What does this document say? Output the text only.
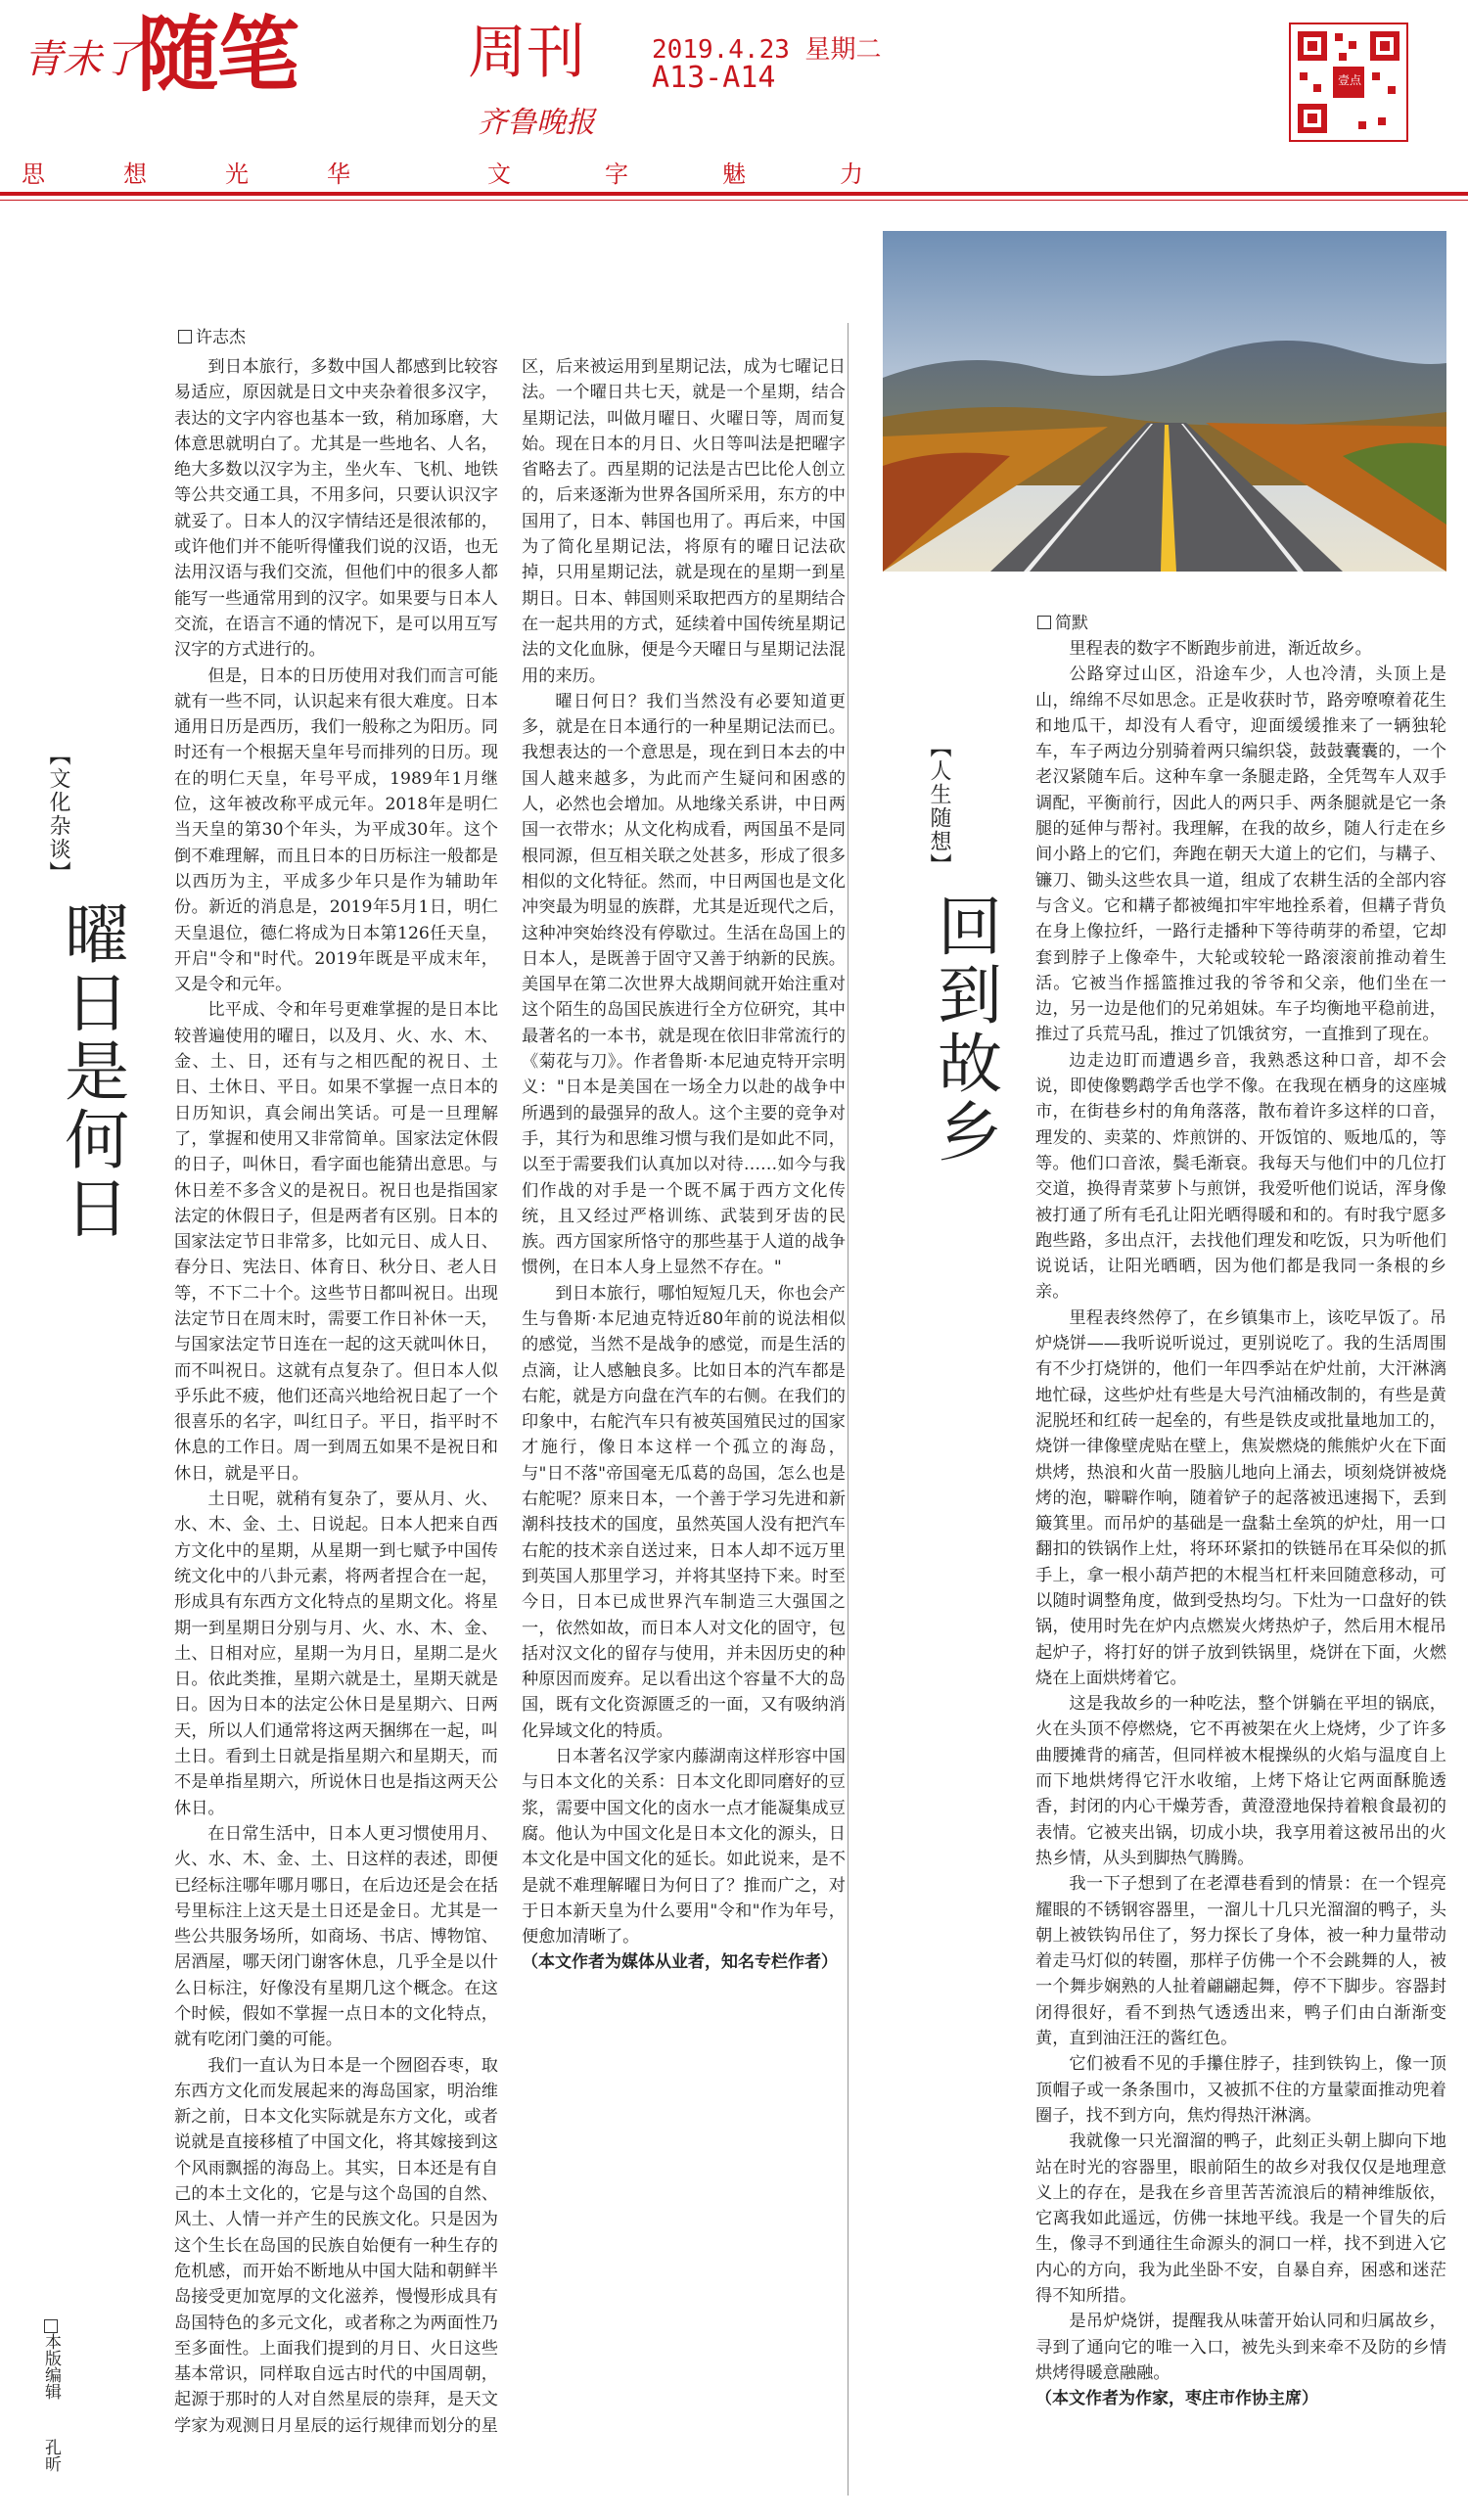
青未了
随笔	周刊
齐鲁晚报
2019.4.23 星期二
A13-A14	壹点
思	想	光	华	文	字	魅	力
【文化杂谈】
曜日是何日
许志杰

到日本旅行，多数中国人都感到比较容易适应，原因就是日文中夹杂着很多汉字，表达的文字内容也基本一致，稍加琢磨，大体意思就明白了。尤其是一些地名、人名，绝大多数以汉字为主，坐火车、飞机、地铁等公共交通工具，不用多问，只要认识汉字就妥了。日本人的汉字情结还是很浓郁的，或许他们并不能听得懂我们说的汉语，也无法用汉语与我们交流，但他们中的很多人都能写一些通常用到的汉字。如果要与日本人交流，在语言不通的情况下，是可以用互写汉字的方式进行的。

但是，日本的日历使用对我们而言可能就有一些不同，认识起来有很大难度。日本通用日历是西历，我们一般称之为阳历。同时还有一个根据天皇年号而排列的日历。现在的明仁天皇，年号平成，1989年1月继位，这年被改称平成元年。2018年是明仁当天皇的第30个年头，为平成30年。这个倒不难理解，而且日本的日历标注一般都是以西历为主，平成多少年只是作为辅助年份。新近的消息是，2019年5月1日，明仁天皇退位，德仁将成为日本第126任天皇，开启"令和"时代。2019年既是平成末年，又是令和元年。

比平成、令和年号更难掌握的是日本比较普遍使用的曜日，以及月、火、水、木、金、土、日，还有与之相匹配的祝日、土日、土休日、平日。如果不掌握一点日本的日历知识，真会闹出笑话。可是一旦理解了，掌握和使用又非常简单。国家法定休假的日子，叫休日，看字面也能猜出意思。与休日差不多含义的是祝日。祝日也是指国家法定的休假日子，但是两者有区别。日本的国家法定节日非常多，比如元日、成人日、春分日、宪法日、体育日、秋分日、老人日等，不下二十个。这些节日都叫祝日。出现法定节日在周末时，需要工作日补休一天，与国家法定节日连在一起的这天就叫休日，而不叫祝日。这就有点复杂了。但日本人似乎乐此不疲，他们还高兴地给祝日起了一个很喜乐的名字，叫红日子。平日，指平时不休息的工作日。周一到周五如果不是祝日和休日，就是平日。

土日呢，就稍有复杂了，要从月、火、水、木、金、土、日说起。日本人把来自西方文化中的星期，从星期一到七赋予中国传统文化中的八卦元素，将两者捏合在一起，形成具有东西方文化特点的星期文化。将星期一到星期日分别与月、火、水、木、金、土、日相对应，星期一为月日，星期二是火日。依此类推，星期六就是土，星期天就是日。因为日本的法定公休日是星期六、日两天，所以人们通常将这两天捆绑在一起，叫土日。看到土日就是指星期六和星期天，而不是单指星期六，所说休日也是指这两天公休日。

在日常生活中，日本人更习惯使用月、火、水、木、金、土、日这样的表述，即便已经标注哪年哪月哪日，在后边还是会在括号里标注上这天是土日还是金日。尤其是一些公共服务场所，如商场、书店、博物馆、居酒屋，哪天闭门谢客休息，几乎全是以什么日标注，好像没有星期几这个概念。在这个时候，假如不掌握一点日本的文化特点，就有吃闭门羹的可能。

我们一直认为日本是一个囫囵吞枣，取东西方文化而发展起来的海岛国家，明治维新之前，日本文化实际就是东方文化，或者说就是直接移植了中国文化，将其嫁接到这个风雨飘摇的海岛上。其实，日本还是有自己的本土文化的，它是与这个岛国的自然、风土、人情一并产生的民族文化。只是因为这个生长在岛国的民族自始便有一种生存的危机感，而开始不断地从中国大陆和朝鲜半岛接受更加宽厚的文化滋养，慢慢形成具有岛国特色的多元文化，或者称之为两面性乃至多面性。上面我们提到的月日、火日这些基本常识，同样取自远古时代的中国周朝，起源于那时的人对自然星辰的崇拜，是天文学家为观测日月星辰的运行规律而划分的星区，后来被运用到星期记法，成为七曜记日法。一个曜日共七天，就是一个星期，结合星期记法，叫做月曜日、火曜日等，周而复始。现在日本的月日、火日等叫法是把曜字省略去了。西星期的记法是古巴比伦人创立的，后来逐渐为世界各国所采用，东方的中国用了，日本、韩国也用了。再后来，中国为了简化星期记法，将原有的曜日记法砍掉，只用星期记法，就是现在的星期一到星期日。日本、韩国则采取把西方的星期结合在一起共用的方式，延续着中国传统星期记法的文化血脉，便是今天曜日与星期记法混用的来历。

曜日何日？我们当然没有必要知道更多，就是在日本通行的一种星期记法而已。我想表达的一个意思是，现在到日本去的中国人越来越多，为此而产生疑问和困惑的人，必然也会增加。从地缘关系讲，中日两国一衣带水；从文化构成看，两国虽不是同根同源，但互相关联之处甚多，形成了很多相似的文化特征。然而，中日两国也是文化冲突最为明显的族群，尤其是近现代之后，这种冲突始终没有停歇过。生活在岛国上的日本人，是既善于固守又善于纳新的民族。美国早在第二次世界大战期间就开始注重对这个陌生的岛国民族进行全方位研究，其中最著名的一本书，就是现在依旧非常流行的《菊花与刀》。作者鲁斯·本尼迪克特开宗明义："日本是美国在一场全力以赴的战争中所遇到的最强异的敌人。这个主要的竞争对手，其行为和思维习惯与我们是如此不同，以至于需要我们认真加以对待……如今与我们作战的对手是一个既不属于西方文化传统，且又经过严格训练、武装到牙齿的民族。西方国家所恪守的那些基于人道的战争惯例，在日本人身上显然不存在。"

到日本旅行，哪怕短短几天，你也会产生与鲁斯·本尼迪克特近80年前的说法相似的感觉，当然不是战争的感觉，而是生活的点滴，让人感触良多。比如日本的汽车都是右舵，就是方向盘在汽车的右侧。在我们的印象中，右舵汽车只有被英国殖民过的国家才施行，像日本这样一个孤立的海岛，与"日不落"帝国毫无瓜葛的岛国，怎么也是右舵呢？原来日本，一个善于学习先进和新潮科技技术的国度，虽然英国人没有把汽车右舵的技术亲自送过来，日本人却不远万里到英国人那里学习，并将其坚持下来。时至今日，日本已成世界汽车制造三大强国之一，依然如故，而日本人对文化的固守，包括对汉文化的留存与使用，并未因历史的种种原因而废弃。足以看出这个容量不大的岛国，既有文化资源匮乏的一面，又有吸纳消化异域文化的特质。

日本著名汉学家内藤湖南这样形容中国与日本文化的关系：日本文化即同磨好的豆浆，需要中国文化的卤水一点才能凝集成豆腐。他认为中国文化是日本文化的源头，日本文化是中国文化的延长。如此说来，是不是就不难理解曜日为何日了？推而广之，对于日本新天皇为什么要用"令和"作为年号，便愈加清晰了。

（本文作者为媒体从业者，知名专栏作者）

【人生随想】
回到故乡
简默

里程表的数字不断跑步前进，渐近故乡。

公路穿过山区，沿途车少，人也冷清，头顶上是山，绵绵不尽如思念。正是收获时节，路旁嘹嘹着花生和地瓜干，却没有人看守，迎面缓缓推来了一辆独轮车，车子两边分别骑着两只编织袋，鼓鼓囊囊的，一个老汉紧随车后。这种车拿一条腿走路，全凭驾车人双手调配，平衡前行，因此人的两只手、两条腿就是它一条腿的延伸与帮衬。我理解，在我的故乡，随人行走在乡间小路上的它们，奔跑在朝天大道上的它们，与耩子、镰刀、锄头这些农具一道，组成了农耕生活的全部内容与含义。它和耩子都被绳扣牢牢地拴系着，但耩子背负在身上像拉纤，一路行走播种下等待萌芽的希望，它却套到脖子上像牵牛，大轮或较轮一路滚滚前推动着生活。它被当作摇篮推过我的爷爷和父亲，他们坐在一边，另一边是他们的兄弟姐妹。车子均衡地平稳前进，推过了兵荒马乱，推过了饥饿贫穷，一直推到了现在。

边走边盯而遭遇乡音，我熟悉这种口音，却不会说，即使像鹦鹉学舌也学不像。在我现在栖身的这座城市，在街巷乡村的角角落落，散布着许多这样的口音，理发的、卖菜的、炸煎饼的、开饭馆的、贩地瓜的，等等。他们口音浓，鬓毛渐衰。我每天与他们中的几位打交道，换得青菜萝卜与煎饼，我爱听他们说话，浑身像被打通了所有毛孔让阳光晒得暖和和的。有时我宁愿多跑些路，多出点汗，去找他们理发和吃饭，只为听他们说说话，让阳光晒晒，因为他们都是我同一条根的乡亲。

里程表终然停了，在乡镇集市上，该吃早饭了。吊炉烧饼——我听说听说过，更别说吃了。我的生活周围有不少打烧饼的，他们一年四季站在炉灶前，大汗淋漓地忙碌，这些炉灶有些是大号汽油桶改制的，有些是黄泥脱坯和红砖一起垒的，有些是铁皮或批量地加工的，烧饼一律像壁虎贴在壁上，焦炭燃烧的熊熊炉火在下面烘烤，热浪和火苗一股脑儿地向上涌去，顷刻烧饼被烧烤的泡，噼噼作响，随着铲子的起落被迅速揭下，丢到簸箕里。而吊炉的基础是一盘黏土垒筑的炉灶，用一口翻扣的铁锅作上灶，将环环紧扣的铁链吊在耳朵似的抓手上，拿一根小葫芦把的木棍当杠杆来回随意移动，可以随时调整角度，做到受热均匀。下灶为一口盘好的铁锅，使用时先在炉内点燃炭火烤热炉子，然后用木棍吊起炉子，将打好的饼子放到铁锅里，烧饼在下面，火燃烧在上面烘烤着它。

这是我故乡的一种吃法，整个饼躺在平坦的锅底，火在头顶不停燃烧，它不再被架在火上烧烤，少了许多曲腰摊背的痛苦，但同样被木棍操纵的火焰与温度自上而下地烘烤得它汗水收缩，上烤下烙让它两面酥脆透香，封闭的内心干燥芳香，黄澄澄地保持着粮食最初的表情。它被夹出锅，切成小块，我享用着这被吊出的火热乡情，从头到脚热气腾腾。

我一下子想到了在老潭巷看到的情景：在一个锃亮耀眼的不锈钢容器里，一溜儿十几只光溜溜的鸭子，头朝上被铁钩吊住了，努力探长了身体，被一种力量带动着走马灯似的转圈，那样子仿佛一个不会跳舞的人，被一个舞步娴熟的人扯着翩翩起舞，停不下脚步。容器封闭得很好，看不到热气透透出来，鸭子们由白渐渐变黄，直到油汪汪的酱红色。

它们被看不见的手攥住脖子，挂到铁钩上，像一顶顶帽子或一条条围巾，又被抓不住的方量蒙面推动兜着圈子，找不到方向，焦灼得热汗淋漓。

我就像一只光溜溜的鸭子，此刻正头朝上脚向下地站在时光的容器里，眼前陌生的故乡对我仅仅是地理意义上的存在，是我在乡音里苦苦流浪后的精神维版依，它离我如此遥远，仿佛一抹地平线。我是一个冒失的后生，像寻不到通往生命源头的洞口一样，找不到进入它内心的方向，我为此坐卧不安，自暴自弃，困惑和迷茫得不知所措。

是吊炉烧饼，提醒我从味蕾开始认同和归属故乡，寻到了通向它的唯一入口，被先头到来牵不及防的乡情烘烤得暖意融融。

（本文作者为作家，枣庄市作协主席）

本版编辑孔昕
